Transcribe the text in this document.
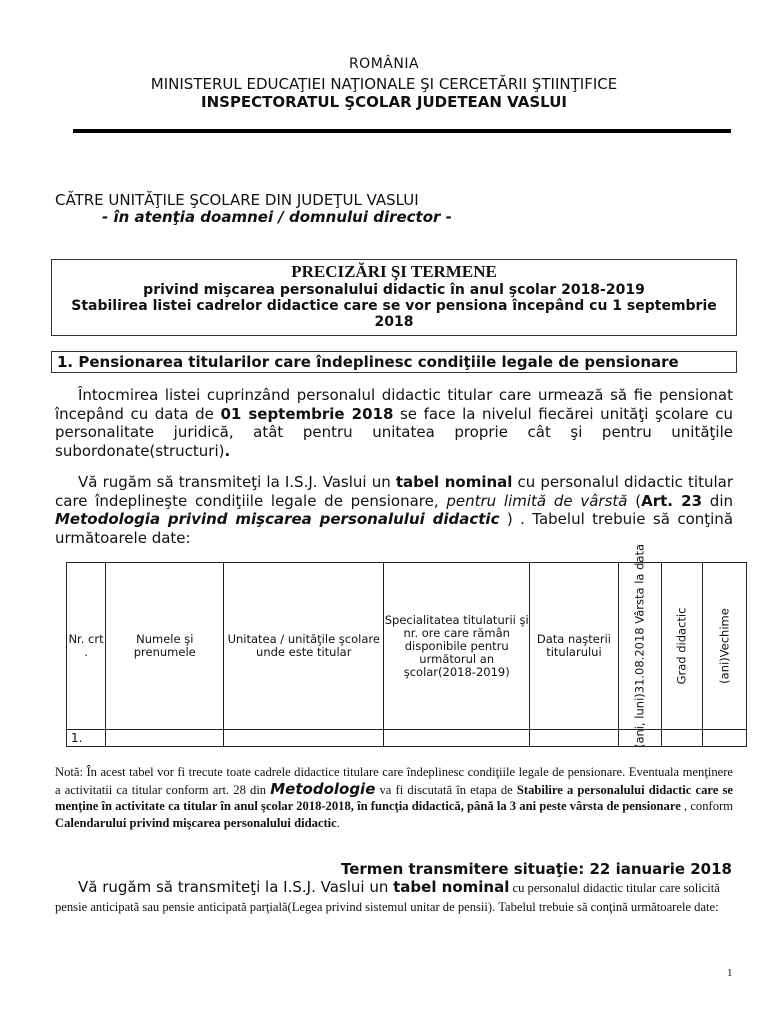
ROMÂNIA
MINISTERUL EDUCAŢIEI NAŢIONALE ŞI CERCETĂRII ŞTIINŢIFICE
INSPECTORATUL ŞCOLAR JUDETEAN VASLUI
CĂTRE UNITĂŢILE ŞCOLARE DIN JUDEŢUL VASLUI
- în atenţia doamnei / domnului director -
PRECIZĂRI ŞI TERMENE
privind mişcarea personalului didactic în anul şcolar 2018-2019
Stabilirea listei cadrelor didactice care se vor pensiona începând cu 1 septembrie 2018
1. Pensionarea titularilor care îndeplinesc condiţiile legale de pensionare
Întocmirea listei cuprinzând personalul didactic titular care urmează să fie pensionat începând cu data de 01 septembrie 2018 se face la nivelul fiecărei unităţi şcolare cu personalitate juridică, atât pentru unitatea proprie cât şi pentru unităţile subordonate(structuri).
Vă rugăm să transmiteţi la I.S.J. Vaslui un tabel nominal cu personalul didactic titular care îndeplineşte condiţiile legale de pensionare, pentru limită de vârstă (Art. 23 din Metodologia privind mişcarea personalului didactic ) . Tabelul trebuie să conţină următoarele date:
Nr. crt .	Numele şi prenumele	Unitatea / unităţile şcolare unde este titular	Specialitatea titulaturii şi nr. ore care rămân disponibile pentru următorul an şcolar(2018-2019)	Data naşterii titularului	(ani, luni)31.08.2018 Vârsta la data	Grad didactic	(ani)Vechime

1.							
Notă: În acest tabel vor fi trecute toate cadrele didactice titulare care îndeplinesc condiţiile legale de pensionare. Eventuala menţinere a activitatii ca titular conform art. 28 din Metodologie va fi discutată în etapa de Stabilire a personalului didactic care se menţine în activitate ca titular în anul şcolar 2018-2018, în funcţia didactică, până la 3 ani peste vârsta de pensionare , conform Calendarului privind mişcarea personalului didactic.
Termen transmitere situaţie: 22 ianuarie 2018
Vă rugăm să transmiteţi la I.S.J. Vaslui un tabel nominal cu personalul didactic titular care solicită pensie anticipată sau pensie anticipată parţială(Legea privind sistemul unitar de pensii). Tabelul trebuie să conţină următoarele date:
1
